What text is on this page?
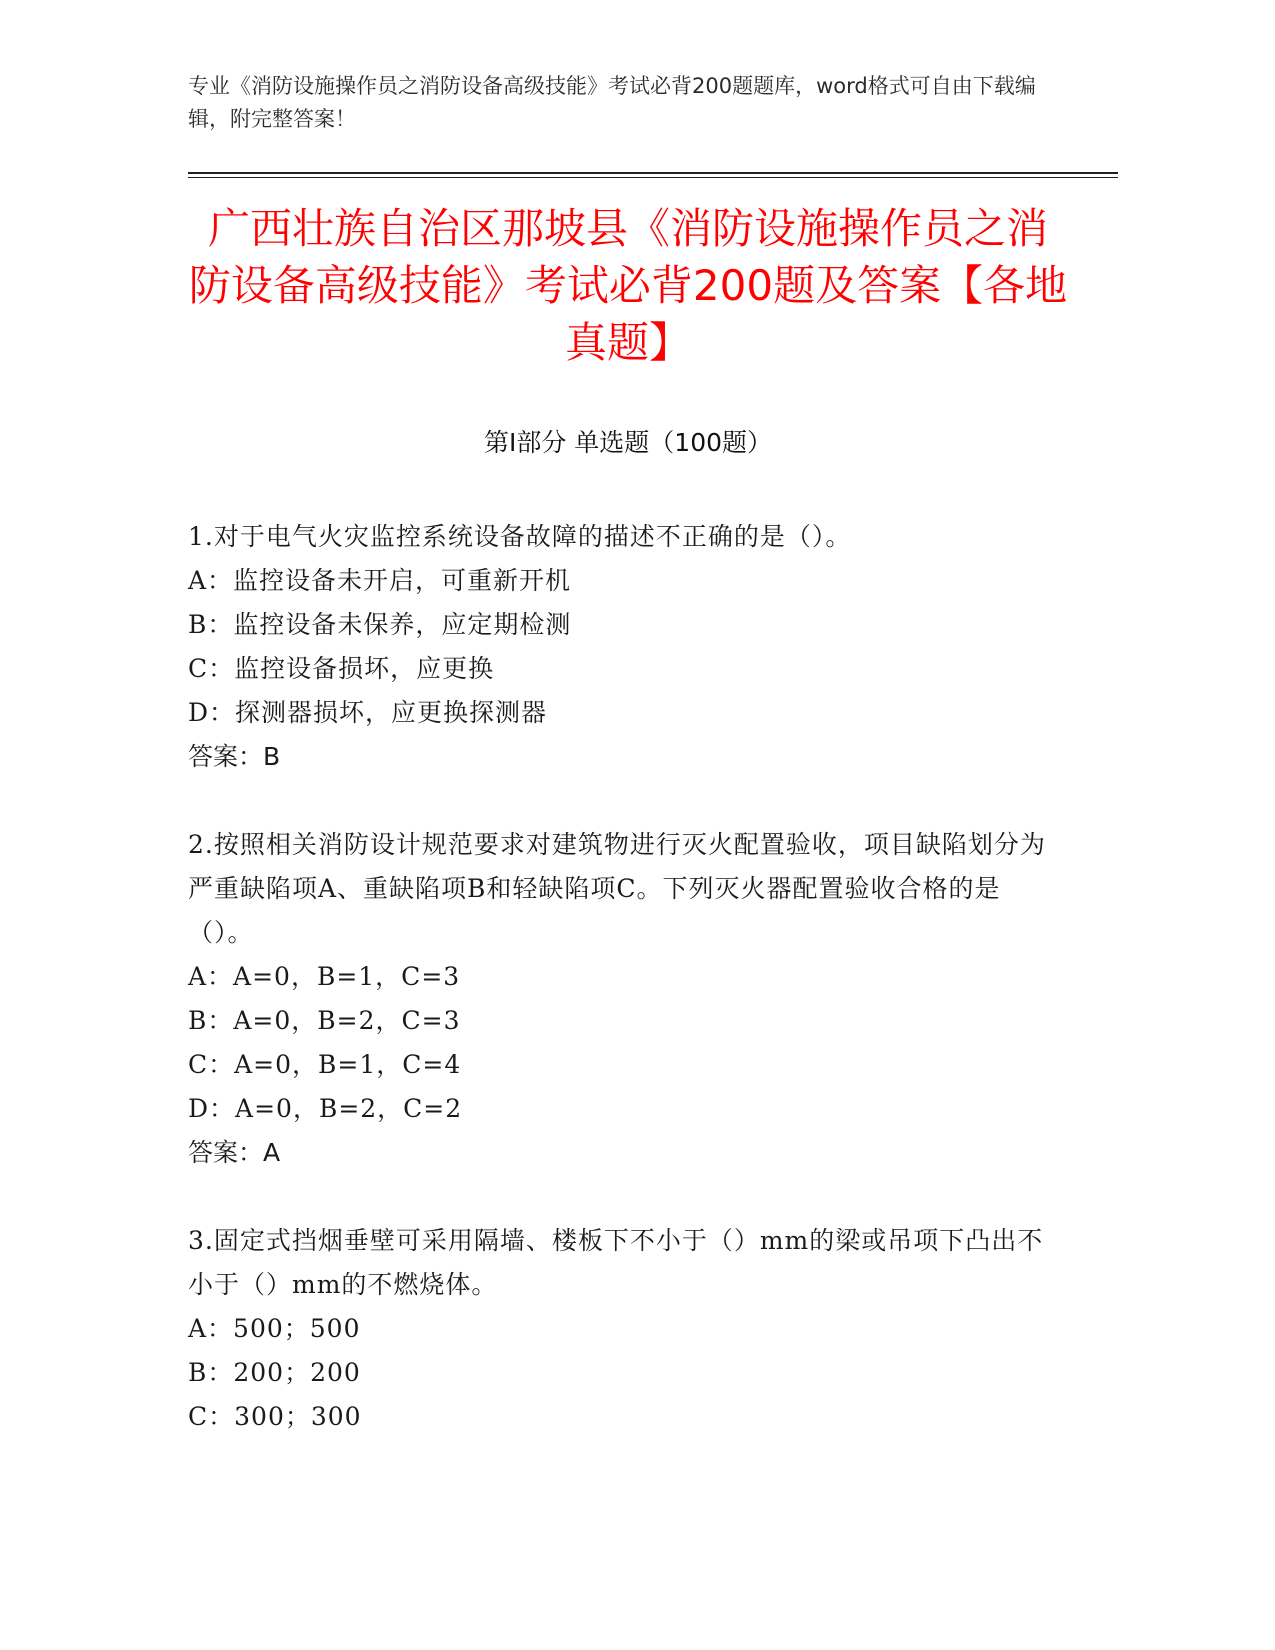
专业《消防设施操作员之消防设备高级技能》考试必背200题题库，word格式可自由下载编辑，附完整答案！

广西壮族自治区那坡县《消防设施操作员之消防设备高级技能》考试必背200题及答案【各地真题】
第Ⅰ部分 单选题（100题）

1.对于电气火灾监控系统设备故障的描述不正确的是（）。

A：监控设备未开启，可重新开机

B：监控设备未保养，应定期检测

C：监控设备损坏，应更换

D：探测器损坏，应更换探测器

答案：B

2.按照相关消防设计规范要求对建筑物进行灭火配置验收，项目缺陷划分为严重缺陷项A、重缺陷项B和轻缺陷项C。下列灭火器配置验收合格的是（）。

A：A=0，B=1，C=3

B：A=0，B=2，C=3

C：A=0，B=1，C=4

D：A=0，B=2，C=2

答案：A

3.固定式挡烟垂壁可采用隔墙、楼板下不小于（）mm的梁或吊项下凸出不小于（）mm的不燃烧体。

A：500；500

B：200；200

C：300；300
